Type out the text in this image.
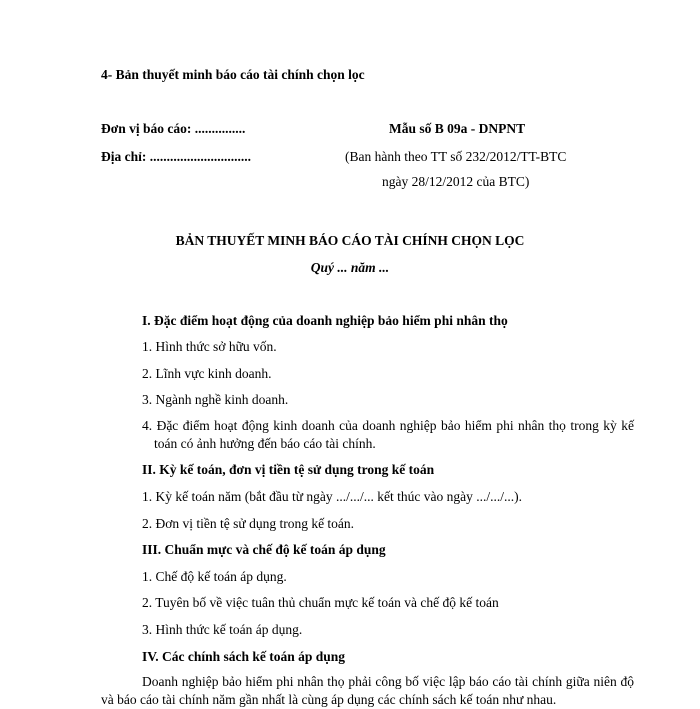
4- Bản thuyết minh báo cáo tài chính chọn lọc
Đơn vị báo cáo: ...............
Địa chỉ: ..............................
Mẫu số B 09a - DNPNT
(Ban hành theo TT số 232/2012/TT-BTC
ngày 28/12/2012 của BTC)
BẢN THUYẾT MINH BÁO CÁO TÀI CHÍNH CHỌN LỌC
Quý ... năm ...
I. Đặc điểm hoạt động của doanh nghiệp bảo hiểm phi nhân thọ
1. Hình thức sở hữu vốn.
2. Lĩnh vực kinh doanh.
3. Ngành nghề kinh doanh.
4. Đặc điểm hoạt động kinh doanh của doanh nghiệp bảo hiểm phi nhân thọ trong kỳ kế toán có ảnh hưởng đến báo cáo tài chính.
II. Kỳ kế toán, đơn vị tiền tệ sử dụng trong kế toán
1. Kỳ kế toán năm (bắt đầu từ ngày .../.../... kết thúc vào ngày .../.../...).
2. Đơn vị tiền tệ sử dụng trong kế toán.
III. Chuẩn mực và chế độ kế toán áp dụng
1. Chế độ kế toán áp dụng.
2. Tuyên bố về việc tuân thủ chuẩn mực kế toán và chế độ kế toán
3. Hình thức kế toán áp dụng.
IV. Các chính sách kế toán áp dụng
Doanh nghiệp bảo hiểm phi nhân thọ phải công bố việc lập báo cáo tài chính giữa niên độ và báo cáo tài chính năm gần nhất là cùng áp dụng các chính sách kế toán như nhau.
